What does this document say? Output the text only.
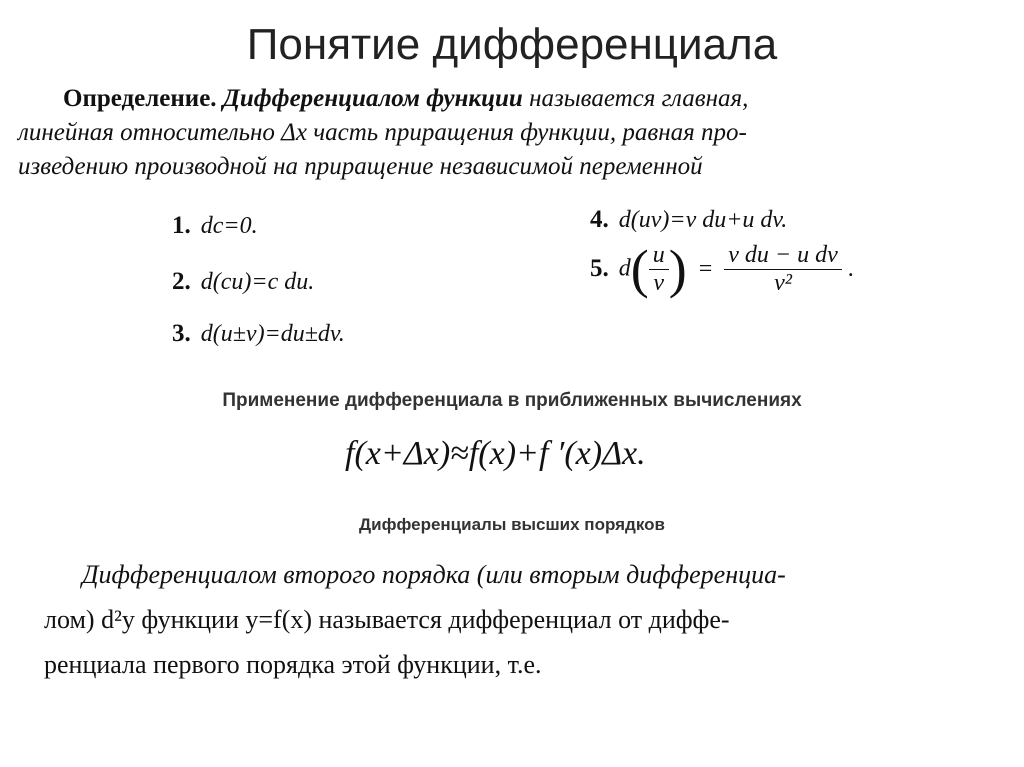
Понятие дифференциала
Определение. Дифференциалом функции называется главная,
линейная относительно Δx часть приращения функции, равная про-
изведению производной на приращение независимой переменной
1. dc=0.
2. d(cu)=c du.
3. d(u±v)=du±dv.
4. d(uv)=v du+u dv.
5. $d( \frac{u}{v}$ ) = $\frac{\text{v du − u dv}}{\text{v²}}$ .
Применение дифференциала в приближенных вычислениях
f(x+Δx)≈f(x)+f ′(x)Δx.
Дифференциалы высших порядков
Дифференциалом второго порядка (или вторым дифференциа-
лом) d²y функции y=f(x) называется дифференциал от диффе-
ренциала первого порядка этой функции, т.е.
